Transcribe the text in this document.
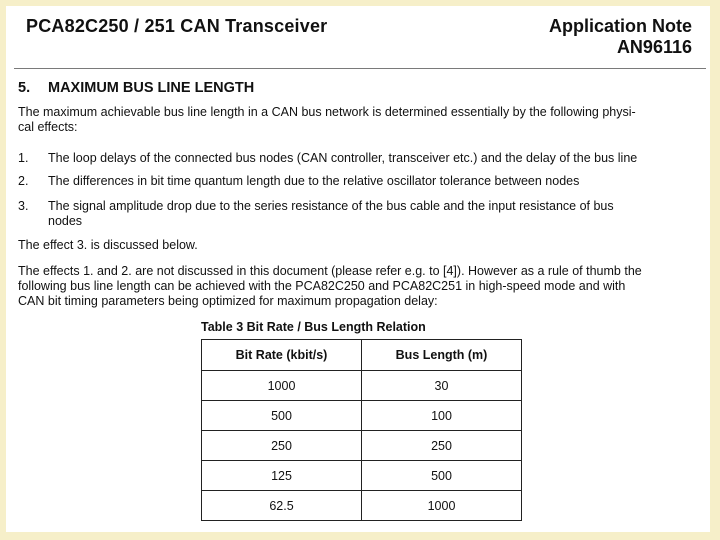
PCA82C250 / 251 CAN Transceiver	Application Note
AN96116
5. MAXIMUM BUS LINE LENGTH
The maximum achievable bus line length in a CAN bus network is determined essentially by the following physi-
cal effects:
1. The loop delays of the connected bus nodes (CAN controller, transceiver etc.) and the delay of the bus line
2. The differences in bit time quantum length due to the relative oscillator tolerance between nodes
3. The signal amplitude drop due to the series resistance of the bus cable and the input resistance of bus
nodes
The effect 3. is discussed below.
The effects 1. and 2. are not discussed in this document (please refer e.g. to [4]). However as a rule of thumb the
following bus line length can be achieved with the PCA82C250 and PCA82C251 in high-speed mode and with
CAN bit timing parameters being optimized for maximum propagation delay:
Table 3 Bit Rate / Bus Length Relation
Bit Rate (kbit/s)	Bus Length (m)
1000	30
500	100
250	250
125	500
62.5	1000
